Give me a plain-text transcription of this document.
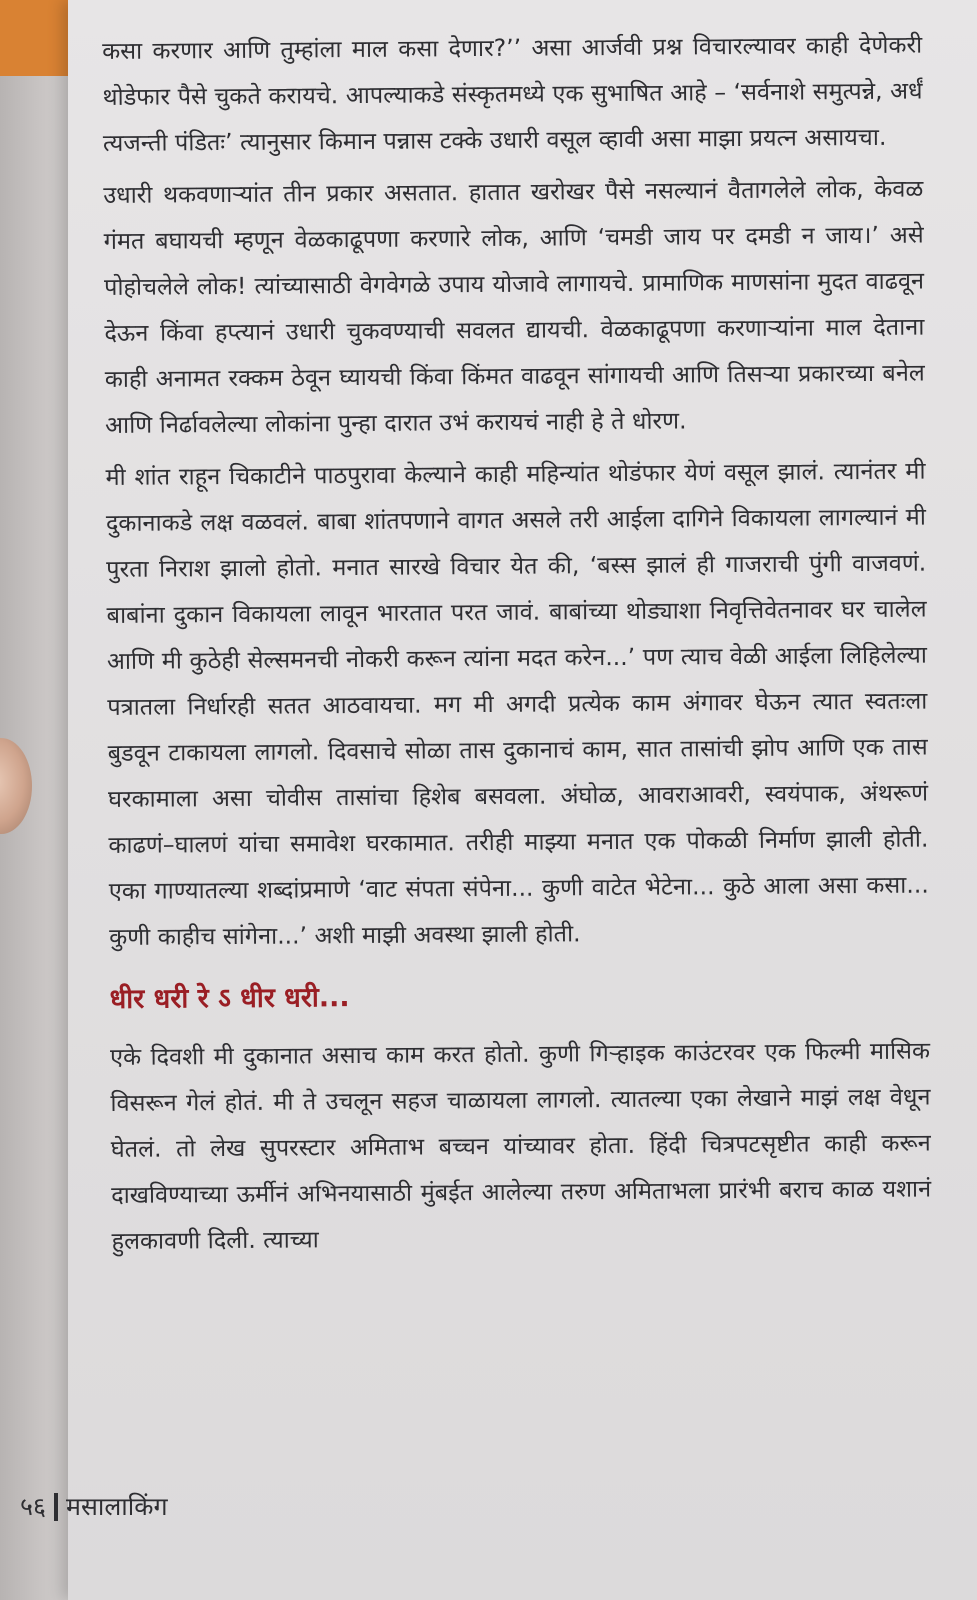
कसा करणार आणि तुम्हांला माल कसा देणार?’’ असा आर्जवी प्रश्न विचारल्यावर काही देणेकरी थोडेफार पैसे चुकते करायचे. आपल्याकडे संस्कृतमध्ये एक सुभाषित आहे – ‘सर्वनाशे समुत्पन्ने, अर्धं त्यजन्ती पंडितः’ त्यानुसार किमान पन्नास टक्के उधारी वसूल व्हावी असा माझा प्रयत्न असायचा.

उधारी थकवणाऱ्यांत तीन प्रकार असतात. हातात खरोखर पैसे नसल्यानं वैतागलेले लोक, केवळ गंमत बघायची म्हणून वेळकाढूपणा करणारे लोक, आणि ‘चमडी जाय पर दमडी न जाय।’ असे पोहोचलेले लोक! त्यांच्यासाठी वेगवेगळे उपाय योजावे लागायचे. प्रामाणिक माणसांना मुदत वाढवून देऊन किंवा हप्त्यानं उधारी चुकवण्याची सवलत द्यायची. वेळकाढूपणा करणाऱ्यांना माल देताना काही अनामत रक्कम ठेवून घ्यायची किंवा किंमत वाढवून सांगायची आणि तिसऱ्या प्रकारच्या बनेल आणि निर्ढावलेल्या लोकांना पुन्हा दारात उभं करायचं नाही हे ते धोरण.

मी शांत राहून चिकाटीने पाठपुरावा केल्याने काही महिन्यांत थोडंफार येणं वसूल झालं. त्यानंतर मी दुकानाकडे लक्ष वळवलं. बाबा शांतपणाने वागत असले तरी आईला दागिने विकायला लागल्यानं मी पुरता निराश झालो होतो. मनात सारखे विचार येत की, ‘बस्स झालं ही गाजराची पुंगी वाजवणं. बाबांना दुकान विकायला लावून भारतात परत जावं. बाबांच्या थोड्याशा निवृत्तिवेतनावर घर चालेल आणि मी कुठेही सेल्समनची नोकरी करून त्यांना मदत करेन...’ पण त्याच वेळी आईला लिहिलेल्या पत्रातला निर्धारही सतत आठवायचा. मग मी अगदी प्रत्येक काम अंगावर घेऊन त्यात स्वतःला बुडवून टाकायला लागलो. दिवसाचे सोळा तास दुकानाचं काम, सात तासांची झोप आणि एक तास घरकामाला असा चोवीस तासांचा हिशेब बसवला. अंघोळ, आवराआवरी, स्वयंपाक, अंथरूणं काढणं–घालणं यांचा समावेश घरकामात. तरीही माझ्या मनात एक पोकळी निर्माण झाली होती. एका गाण्यातल्या शब्दांप्रमाणे ‘वाट संपता संपेना... कुणी वाटेत भेटेना... कुठे आला असा कसा... कुणी काहीच सांगेना...’ अशी माझी अवस्था झाली होती.

धीर धरी रे ऽ धीर धरी...

एके दिवशी मी दुकानात असाच काम करत होतो. कुणी गिऱ्हाइक काउंटरवर एक फिल्मी मासिक विसरून गेलं होतं. मी ते उचलून सहज चाळायला लागलो. त्यातल्या एका लेखाने माझं लक्ष वेधून घेतलं. तो लेख सुपरस्टार अमिताभ बच्चन यांच्यावर होता. हिंदी चित्रपटसृष्टीत काही करून दाखविण्याच्या ऊर्मीनं अभिनयासाठी मुंबईत आलेल्या तरुण अमिताभला प्रारंभी बराच काळ यशानं हुलकावणी दिली. त्याच्या

५६ मसालाकिंग
